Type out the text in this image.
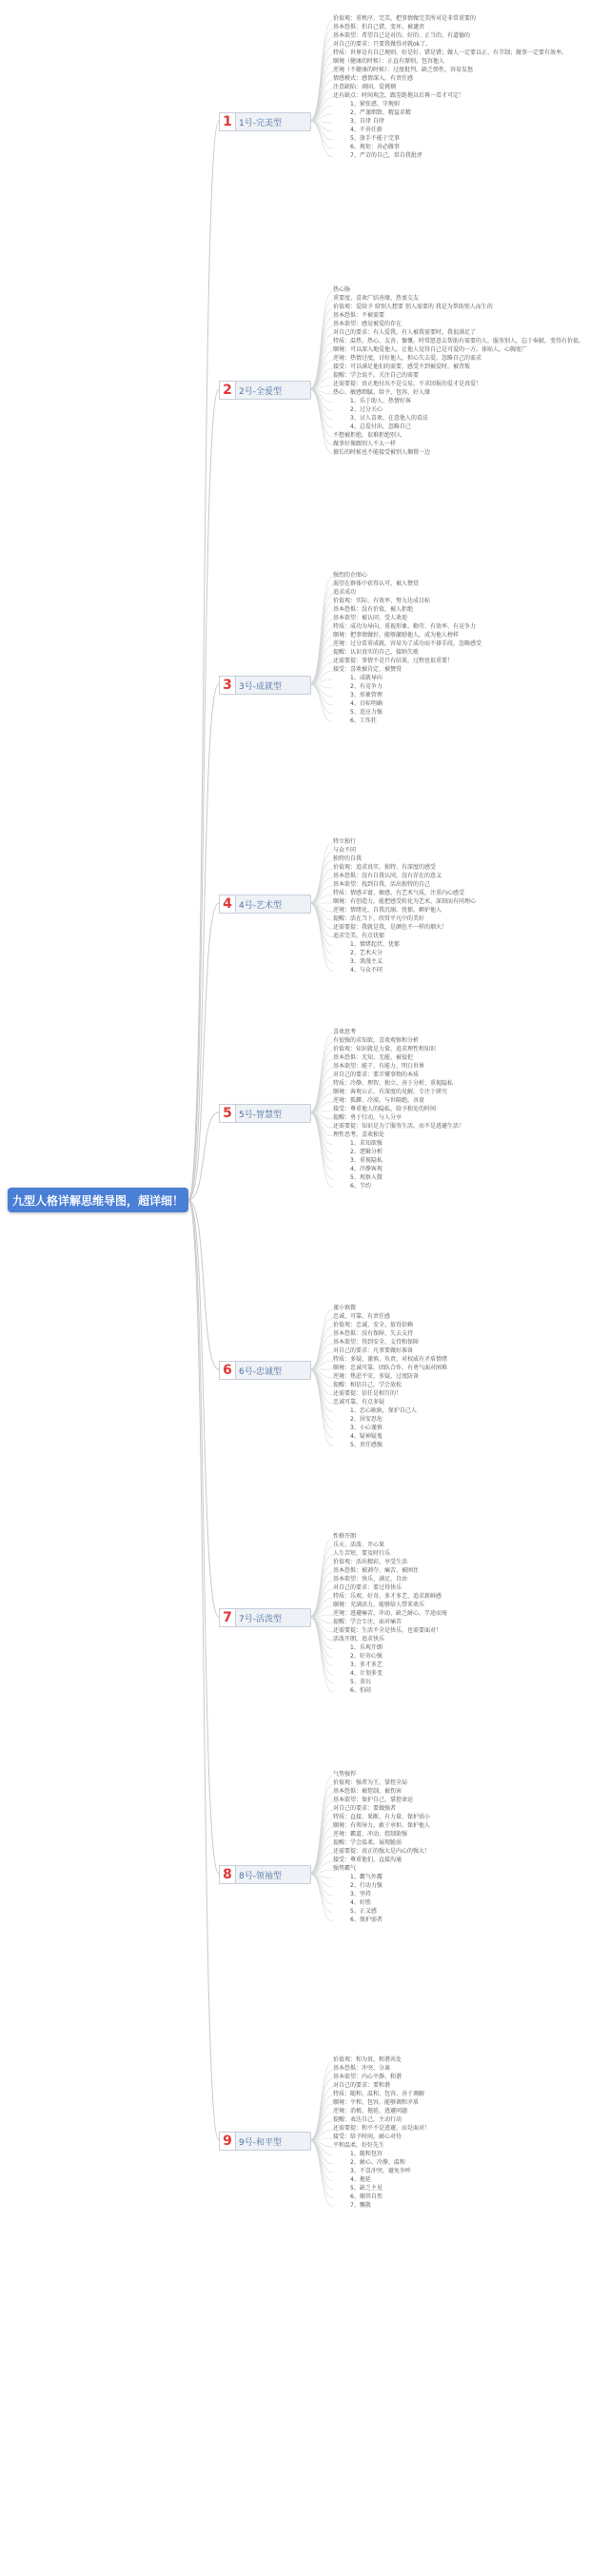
九型人格详解思维导图，超详细！
1 1号-完美型
价值观：重秩序、完美，把事情做完美所对是非常重要的
基本恐惧：怕自己错、变坏、被谴责
基本欲望：希望自己是对的、好的、正当的、有道德的
对自己的要求：只要我做得对就ok了。
特质：世界是有自己规则、好是好、错是错；做人一定要以正、有节制；做事一定要有效率。
顺境（健康的时候）：正直有原则，包容他人
逆境（不健康的时候）：过度批判，缺乏弹性，容易发怒
情感模式：感情深入，有责任感
注意缺陷：顽固，爱挑剔
还有缺点：时间观念，跟差距拖以后再一看才可定！
1、紧张惑、守规则
2、严谨细致、精益求精
3、自律 自律
4、不善任新
5、放手不能于完事
6、规矩：善必做事
7、严苛的自己，常自我批评
2 2号-全爱型
热心肠
重要度、喜欢广结善缘、热衷交友
价值观：爱给予 给别人想要 别人需要的 我是为帮助别人而生的
基本恐惧：不被需要
基本欲望：感觉被爱的存在
对自己的要求：有人爱我，有人被我需要时，我很满足了
特质：温热、热心、友善、慷慨。时常愿意去帮助有需要的人，服务别人，忘于奉献，变得有价值。
顺境：可以深入地爱他人，让他人觉得自己是可爱的一方，体贴人，心胸宽广
逆境：热情过度，讨好他人，担心失去爱，忽略自己的需求
接受：可以满足他们的需要，感受不到被爱时，被背叛
提醒：学会说不，关注自己的需要
还需要提：真正地付出不是交易，不求回报的爱才是真爱！
热心、敏感细腻、给予、包容、好人缘
1、乐于助人、热情好客
2、过分关心
3、讨人喜欢、在意他人的看法
4、总爱付出，忽略自己
不想被拒绝，很难拒绝别人
做事好像跟别人不太一样
擅长的时候也不能接受被别人搁置一边
3 3号-成就型
强烈的企图心
渴望在群体中获得认可，被人赞赏
追求成功
价值观：实际、有效率、努力达成目标
基本恐惧：没有价值，被人拒绝
基本欲望：被认同、受人欢迎
特质：成功为导向，重视形象、勤劳、有效率、有竞争力
顺境：把事情做好，能够激励他人，成为他人榜样
逆境：过分看重成就，容易为了成功而不择手段，忽略感受
提醒：认识真实的自己，接纳失败
还需要提：事情不是只有结果，过程也很重要！
接受：喜欢被肯定、被赞赏
1、成就导向
2、有竞争力
3、形象管理
4、目标明确
5、适应力强
6、工作狂
4 4号-艺术型
特立独行
与众不同
独特的自我
价值观：追求真实、独特、有深度的感受
基本恐惧：没有自我认同，没有存在的意义
基本欲望：找到自我，活出独特的自己
特质：情感丰富、敏感、有艺术气质，注重内心感受
顺境：有创造力，能把感受转化为艺术，深刻而有同理心
逆境：情绪化、自我沉溺、忧郁、嫉妒他人
提醒：活在当下，欣赏平凡中的美好
还需要提：我就是我，是颜色不一样的烟火！
追求完美，有点忧郁
1、情绪起伏、忧郁
2、艺术天分
3、浪漫主义
4、与众不同
5 5号-智慧型
喜欢思考
有很强的求知欲，喜欢观察和分析
价值观：知识就是力量，追求理性和知识
基本恐惧：无知、无能、被侵犯
基本欲望：能干、有能力、明白世界
对自己的要求：要弄懂事物的本质
特质：冷静、理智、独立、善于分析、重视隐私
顺境：客观公正，有深度的见解，专注于研究
逆境：孤僻、冷漠，与世隔绝，吝啬
接受：尊重他人的隐私，给予独处的时间
提醒：勇于行动，与人分享
还需要提：知识是为了服务生活，而不是逃避生活！
理性思考，喜欢独处
1、求知欲强
2、逻辑分析
3、重视隐私
4、冷静客观
5、观察入微
6、节约
6 6号-忠诚型
谨小慎微
忠诚、可靠、有责任感
价值观：忠诚、安全、值得信赖
基本恐惧：没有保障、失去支持
基本欲望：得到安全、支持和保障
对自己的要求：凡事要做好准备
特质：多疑、谨慎、负责、对权威有矛盾情绪
顺境：忠诚可靠，团队合作，有勇气面对困难
逆境：焦虑不安，多疑、过度防备
提醒：相信自己，学会放松
还需要提：信任是相互的！
忠诚可靠，有点多疑
1、忠心耿耿，保护自己人
2、居安思危
3、小心谨慎
4、疑神疑鬼
5、责任感强
7 7号-活泼型
性格开朗
乐天、活泼、开心果
人生苦短，要及时行乐
价值观：活出精彩，享受生活
基本恐惧：被剥夺、痛苦、被困住
基本欲望：快乐、满足、自由
对自己的要求：要过得快乐
特质：乐观、好奇、多才多艺、追求新鲜感
顺境：充满活力，能够给人带来欢乐
逆境：逃避痛苦，冲动、缺乏耐心，半途而废
提醒：学会专注，面对痛苦
还需要提：生活不全是快乐，也需要面对！
活泼开朗，追求快乐
1、乐观开朗
2、好奇心强
3、多才多艺
4、计划多变
5、贪玩
6、怕闷
8 8号-领袖型
气势强悍
价值观：强者为王，掌控全局
基本恐惧：被控制、被伤害
基本欲望：保护自己，掌控命运
对自己的要求：要做强者
特质：直接、果断、有力量、保护弱小
顺境：有领导力，敢于承担，保护他人
逆境：霸道、冲动、控制欲强
提醒：学会温柔，展现脆弱
还需要提：真正的强大是内心的强大！
接受：尊重他们，直接沟通
强势霸气
1、霸气外露
2、行动力强
3、坚持
4、好胜
5、正义感
6、保护弱者
9 9号-和平型
价值观：和为贵，和谐共处
基本恐惧：冲突、分离
基本欲望：内心平静、和谐
对自己的要求：要和谐
特质：随和、温和、包容、善于调解
顺境：平和、包容，能够调和矛盾
逆境：消极、拖延、逃避问题
提醒：表达自己，主动行动
还需要提：和平不是逃避，而是面对！
接受：给予时间，耐心对待
平和温柔，好好先生
1、随和包容
2、耐心、冷静、温和
3、不喜冲突，避免争吵
4、拖延
5、缺乏主见
6、顺其自然
7、懒散
